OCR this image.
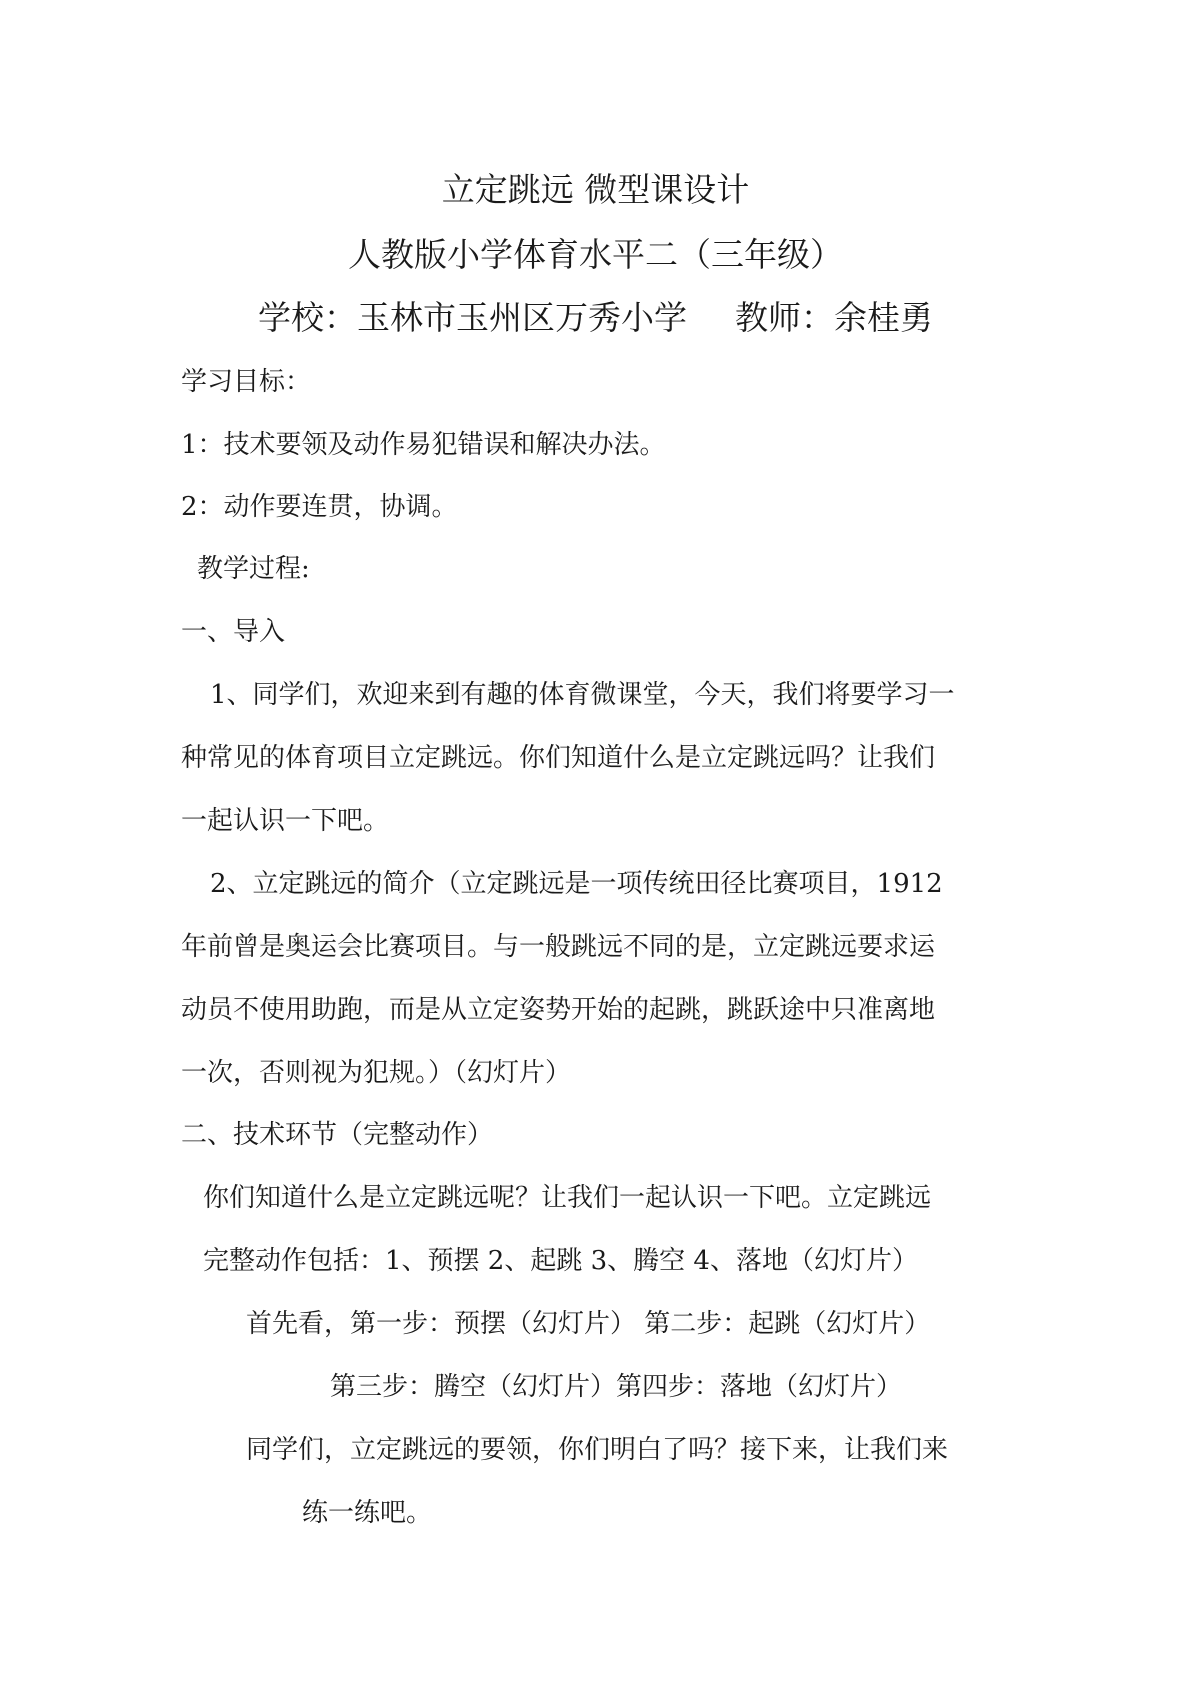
立定跳远 微型课设计
人教版小学体育水平二（三年级）
学校：玉林市玉州区万秀小学 教师：余桂勇
学习目标：
1：技术要领及动作易犯错误和解决办法。
2：动作要连贯，协调。
教学过程:
一、导入
1、同学们，欢迎来到有趣的体育微课堂，今天，我们将要学习一
种常见的体育项目立定跳远。你们知道什么是立定跳远吗？让我们
一起认识一下吧。
2、立定跳远的简介（立定跳远是一项传统田径比赛项目，1912
年前曾是奥运会比赛项目。与一般跳远不同的是，立定跳远要求运
动员不使用助跑，而是从立定姿势开始的起跳，跳跃途中只准离地
一次，否则视为犯规。）（幻灯片）
二、技术环节（完整动作）
你们知道什么是立定跳远呢？让我们一起认识一下吧。立定跳远
完整动作包括：1、预摆 2、起跳 3、腾空 4、落地（幻灯片）
首先看，第一步：预摆（幻灯片） 第二步：起跳（幻灯片）
第三步：腾空（幻灯片）第四步：落地（幻灯片）
同学们，立定跳远的要领，你们明白了吗？接下来，让我们来
练一练吧。
